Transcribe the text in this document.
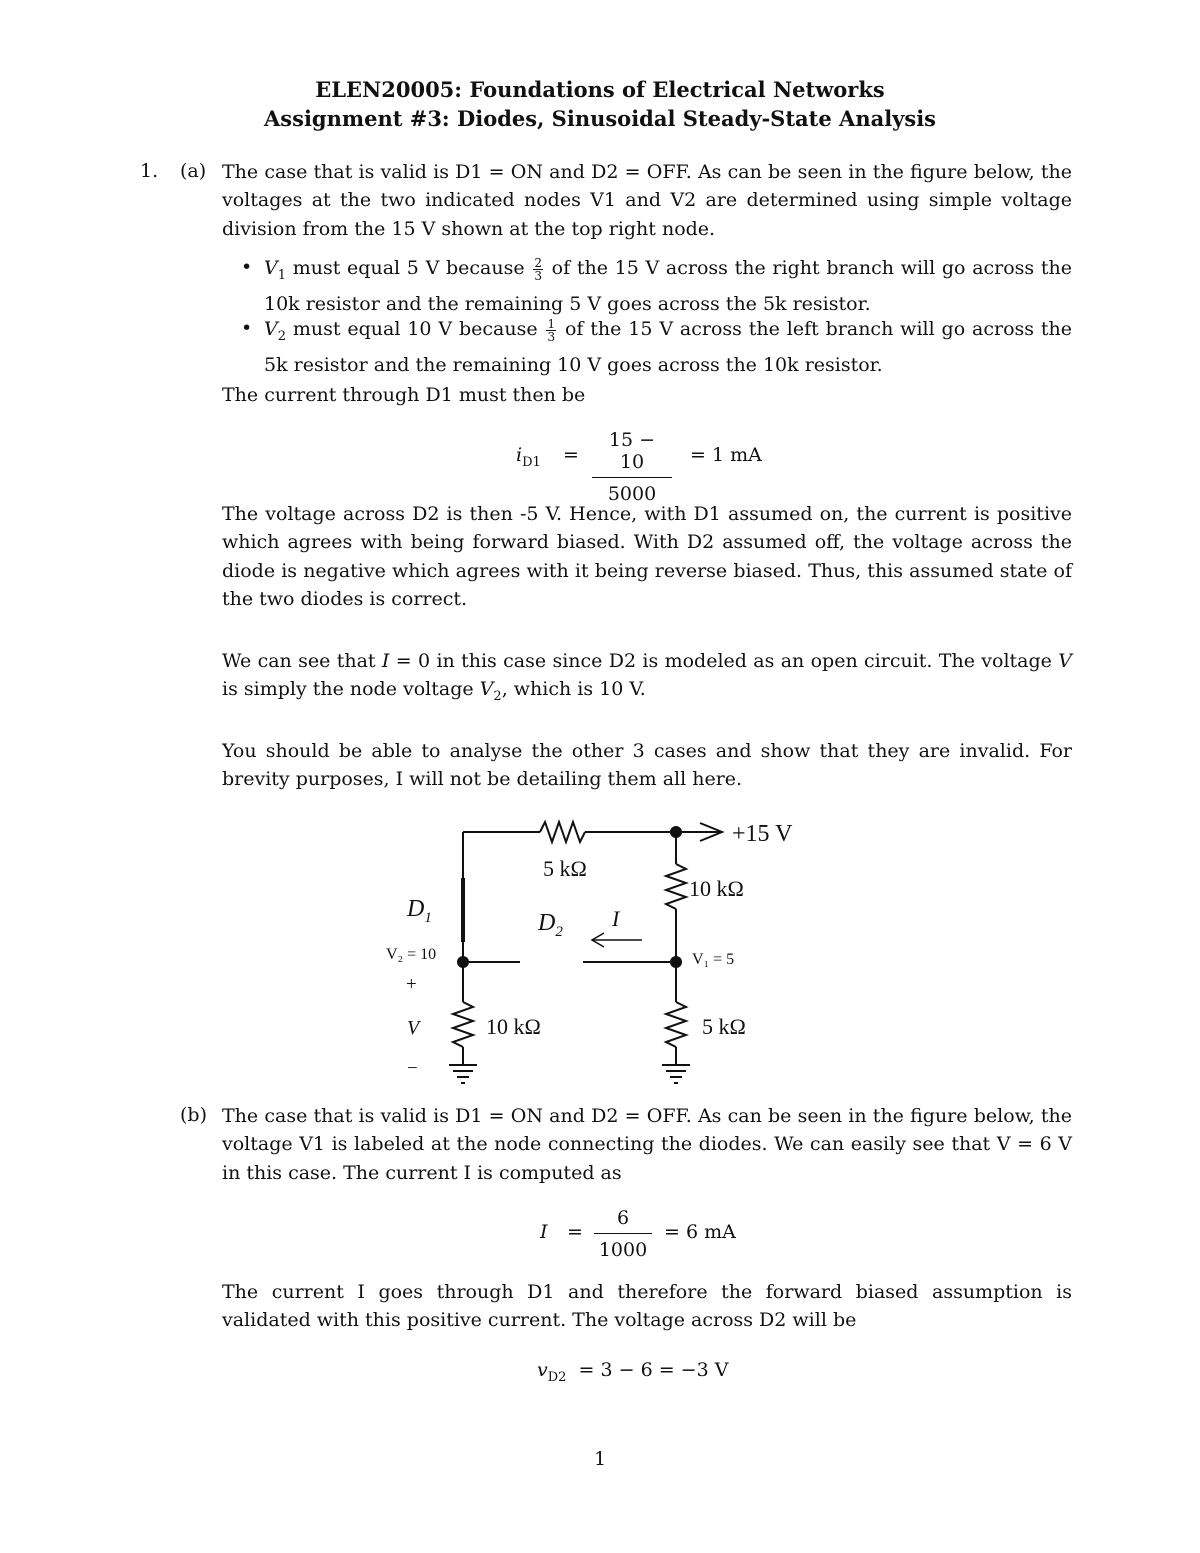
ELEN20005: Foundations of Electrical Networks
Assignment #3: Diodes, Sinusoidal Steady-State Analysis
1. (a) The case that is valid is D1 = ON and D2 = OFF. As can be seen in the figure below, the voltages at the two indicated nodes V1 and V2 are determined using simple voltage division from the 15 V shown at the top right node.
• $V_1$ must equal 5 V because $\frac{2}{3}$ of the 15 V across the right branch will go across the 10k resistor and the remaining 5 V goes across the 5k resistor.
• $V_2$ must equal 10 V because $\frac{1}{3}$ of the 15 V across the left branch will go across the 5k resistor and the remaining 10 V goes across the 10k resistor.
The current through D1 must then be
$i_{D1}$ =
15 − 10
5000
= 1 mA
The voltage across D2 is then -5 V. Hence, with D1 assumed on, the current is positive which agrees with being forward biased. With D2 assumed off, the voltage across the diode is negative which agrees with it being reverse biased. Thus, this assumed state of the two diodes is correct.
We can see that I = 0 in this case since D2 is modeled as an open circuit. The voltage V is simply the node voltage $V_2$, which is 10 V.
You should be able to analyse the other 3 cases and show that they are invalid. For brevity purposes, I will not be detailing them all here.
+15 V
5 kΩ
10 kΩ
10 kΩ	5 kΩ
$D_1$	$D_2$
I
V₂ = 10	V₁ = 5
+
V
−
(b) The case that is valid is D1 = ON and D2 = OFF. As can be seen in the figure below, the voltage V1 is labeled at the node connecting the diodes. We can easily see that V = 6 V in this case. The current I is computed as
I =
6
1000
= 6 mA
The current I goes through D1 and therefore the forward biased assumption is validated with this positive current. The voltage across D2 will be
$v_{D2} = 3 - 6 = -3$ V
1
